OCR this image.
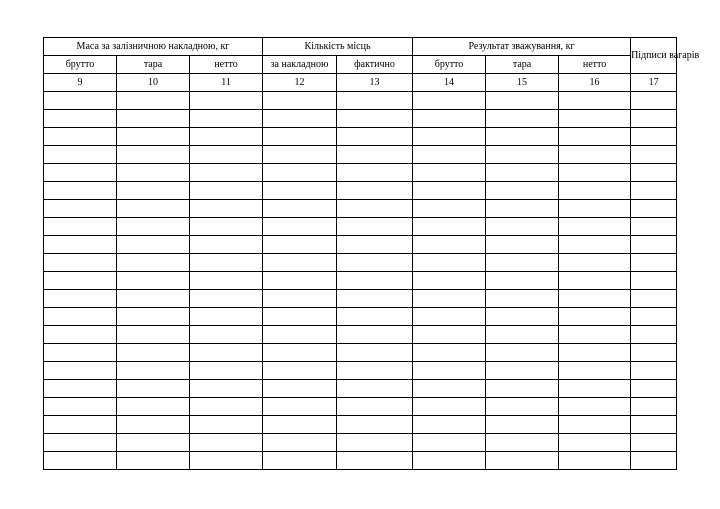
Маса за залізничною накладною, кг			Кількість місць		Результат зважування, кг			Підписи вагарів
брутто	тара	нетто	за накладною	фактично	брутто	тара	нетто	
9	10	11	12	13	14	15	16	17
